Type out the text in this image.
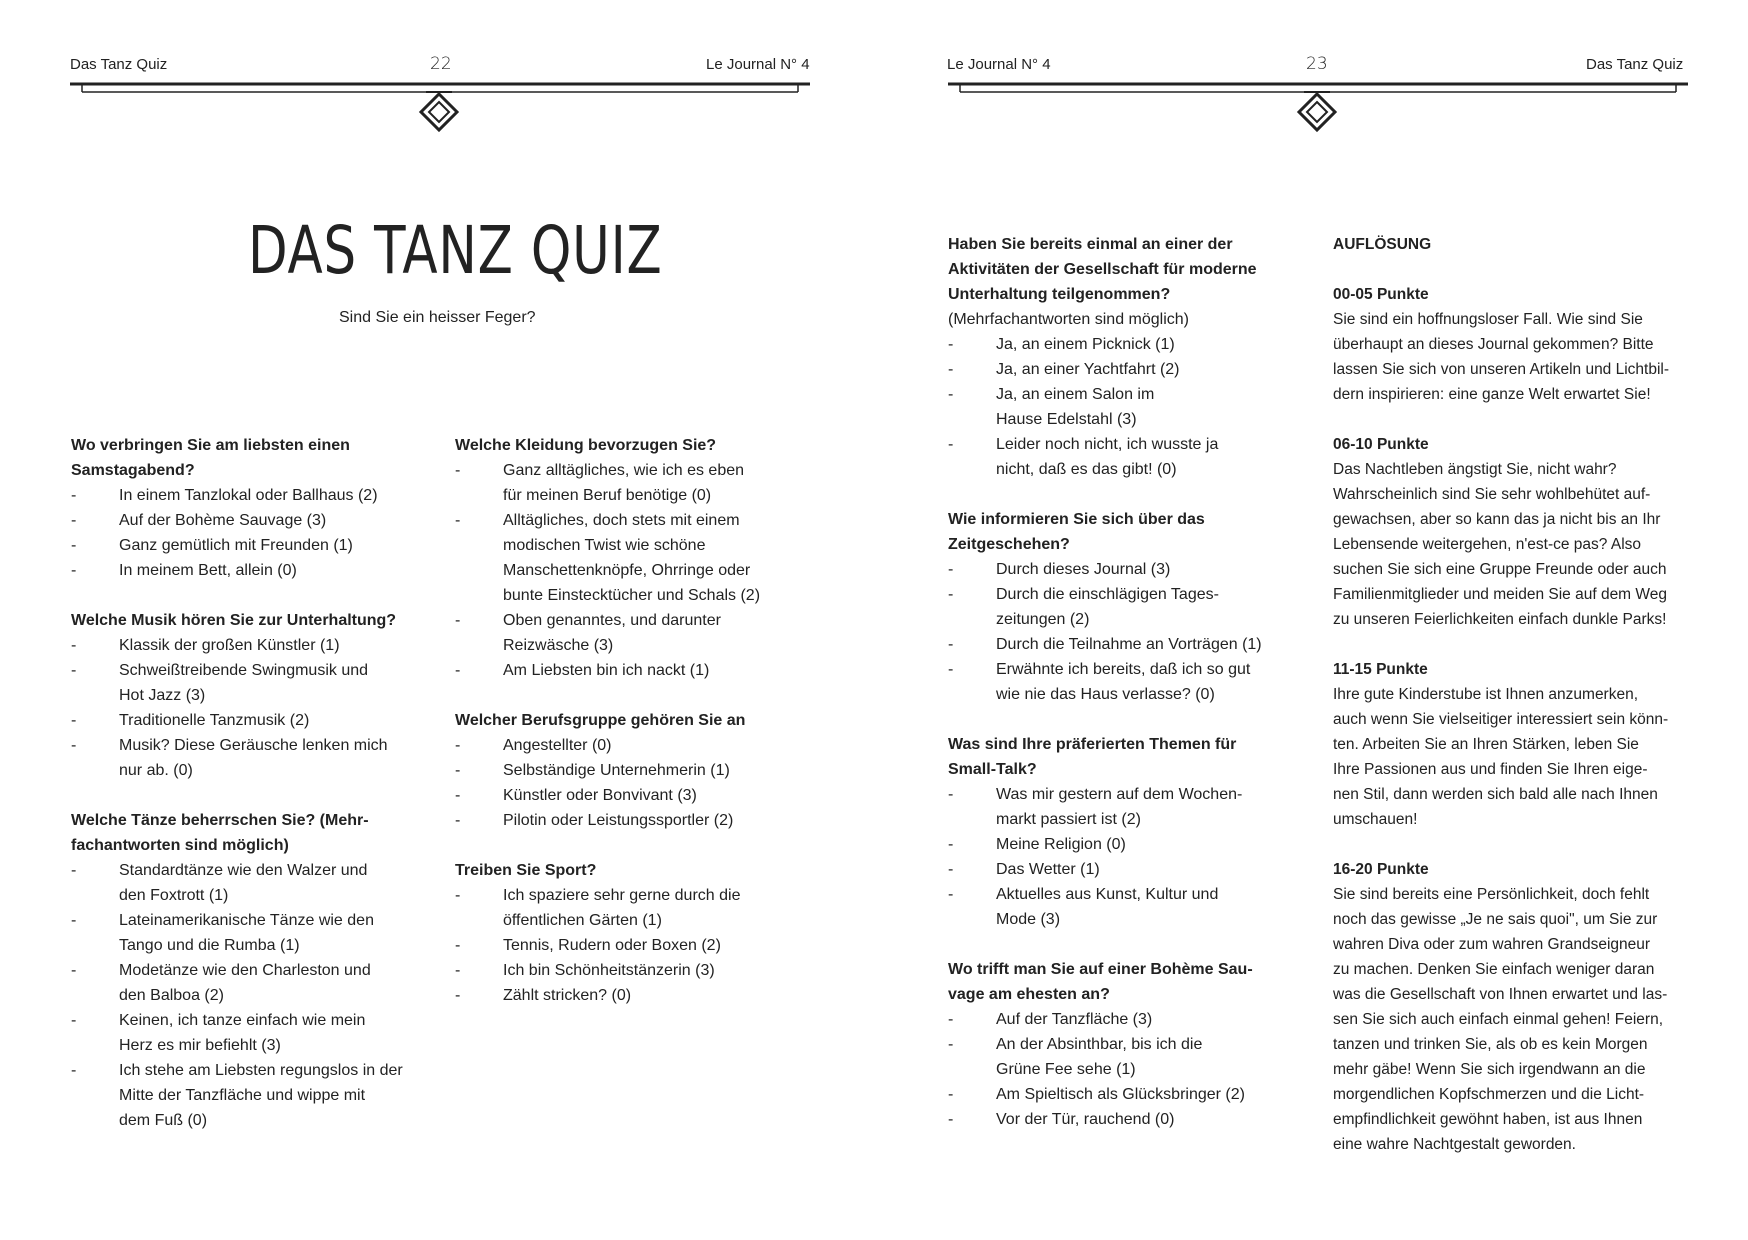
Das Tanz Quiz	22	Le Journal N° 4
DAS TANZ QUIZ
Sind Sie ein heisser Feger?
Wo verbringen Sie am liebsten einen
Samstagabend?
- In einem Tanzlokal oder Ballhaus (2)
- Auf der Bohème Sauvage (3)
- Ganz gemütlich mit Freunden (1)
- In meinem Bett, allein (0)
Welche Musik hören Sie zur Unterhaltung?
- Klassik der großen Künstler (1)
- Schweißtreibende Swingmusik und
Hot Jazz (3)
- Traditionelle Tanzmusik (2)
- Musik? Diese Geräusche lenken mich
nur ab. (0)
Welche Tänze beherrschen Sie? (Mehr-
fachantworten sind möglich)
- Standardtänze wie den Walzer und
den Foxtrott (1)
- Lateinamerikanische Tänze wie den
Tango und die Rumba (1)
- Modetänze wie den Charleston und
den Balboa (2)
- Keinen, ich tanze einfach wie mein
Herz es mir befiehlt (3)
- Ich stehe am Liebsten regungslos in der
Mitte der Tanzfläche und wippe mit
dem Fuß (0)
Welche Kleidung bevorzugen Sie?
- Ganz alltägliches, wie ich es eben
für meinen Beruf benötige (0)
- Alltägliches, doch stets mit einem
modischen Twist wie schöne
Manschettenknöpfe, Ohrringe oder
bunte Einstecktücher und Schals (2)
- Oben genanntes, und darunter
Reizwäsche (3)
- Am Liebsten bin ich nackt (1)
Welcher Berufsgruppe gehören Sie an
- Angestellter (0)
- Selbständige Unternehmerin (1)
- Künstler oder Bonvivant (3)
- Pilotin oder Leistungssportler (2)
Treiben Sie Sport?
- Ich spaziere sehr gerne durch die
öffentlichen Gärten (1)
- Tennis, Rudern oder Boxen (2)
- Ich bin Schönheitstänzerin (3)
- Zählt stricken? (0)
Le Journal N° 4	23	Das Tanz Quiz
Haben Sie bereits einmal an einer der
Aktivitäten der Gesellschaft für moderne
Unterhaltung teilgenommen?
(Mehrfachantworten sind möglich)
- Ja, an einem Picknick (1)
- Ja, an einer Yachtfahrt (2)
- Ja, an einem Salon im
Hause Edelstahl (3)
- Leider noch nicht, ich wusste ja
nicht, daß es das gibt! (0)
Wie informieren Sie sich über das
Zeitgeschehen?
- Durch dieses Journal (3)
- Durch die einschlägigen Tages-
zeitungen (2)
- Durch die Teilnahme an Vorträgen (1)
- Erwähnte ich bereits, daß ich so gut
wie nie das Haus verlasse? (0)
Was sind Ihre präferierten Themen für
Small-Talk?
- Was mir gestern auf dem Wochen-
markt passiert ist (2)
- Meine Religion (0)
- Das Wetter (1)
- Aktuelles aus Kunst, Kultur und
Mode (3)
Wo trifft man Sie auf einer Bohème Sau-
vage am ehesten an?
- Auf der Tanzfläche (3)
- An der Absinthbar, bis ich die
Grüne Fee sehe (1)
- Am Spieltisch als Glücksbringer (2)
- Vor der Tür, rauchend (0)
AUFLÖSUNG
00-05 Punkte
Sie sind ein hoffnungsloser Fall. Wie sind Sie
überhaupt an dieses Journal gekommen? Bitte
lassen Sie sich von unseren Artikeln und Lichtbil-
dern inspirieren: eine ganze Welt erwartet Sie!
06-10 Punkte
Das Nachtleben ängstigt Sie, nicht wahr?
Wahrscheinlich sind Sie sehr wohlbehütet auf-
gewachsen, aber so kann das ja nicht bis an Ihr
Lebensende weitergehen, n'est-ce pas? Also
suchen Sie sich eine Gruppe Freunde oder auch
Familienmitglieder und meiden Sie auf dem Weg
zu unseren Feierlichkeiten einfach dunkle Parks!
11-15 Punkte
Ihre gute Kinderstube ist Ihnen anzumerken,
auch wenn Sie vielseitiger interessiert sein könn-
ten. Arbeiten Sie an Ihren Stärken, leben Sie
Ihre Passionen aus und finden Sie Ihren eige-
nen Stil, dann werden sich bald alle nach Ihnen
umschauen!
16-20 Punkte
Sie sind bereits eine Persönlichkeit, doch fehlt
noch das gewisse „Je ne sais quoi", um Sie zur
wahren Diva oder zum wahren Grandseigneur
zu machen. Denken Sie einfach weniger daran
was die Gesellschaft von Ihnen erwartet und las-
sen Sie sich auch einfach einmal gehen! Feiern,
tanzen und trinken Sie, als ob es kein Morgen
mehr gäbe! Wenn Sie sich irgendwann an die
morgendlichen Kopfschmerzen und die Licht-
empfindlichkeit gewöhnt haben, ist aus Ihnen
eine wahre Nachtgestalt geworden.
